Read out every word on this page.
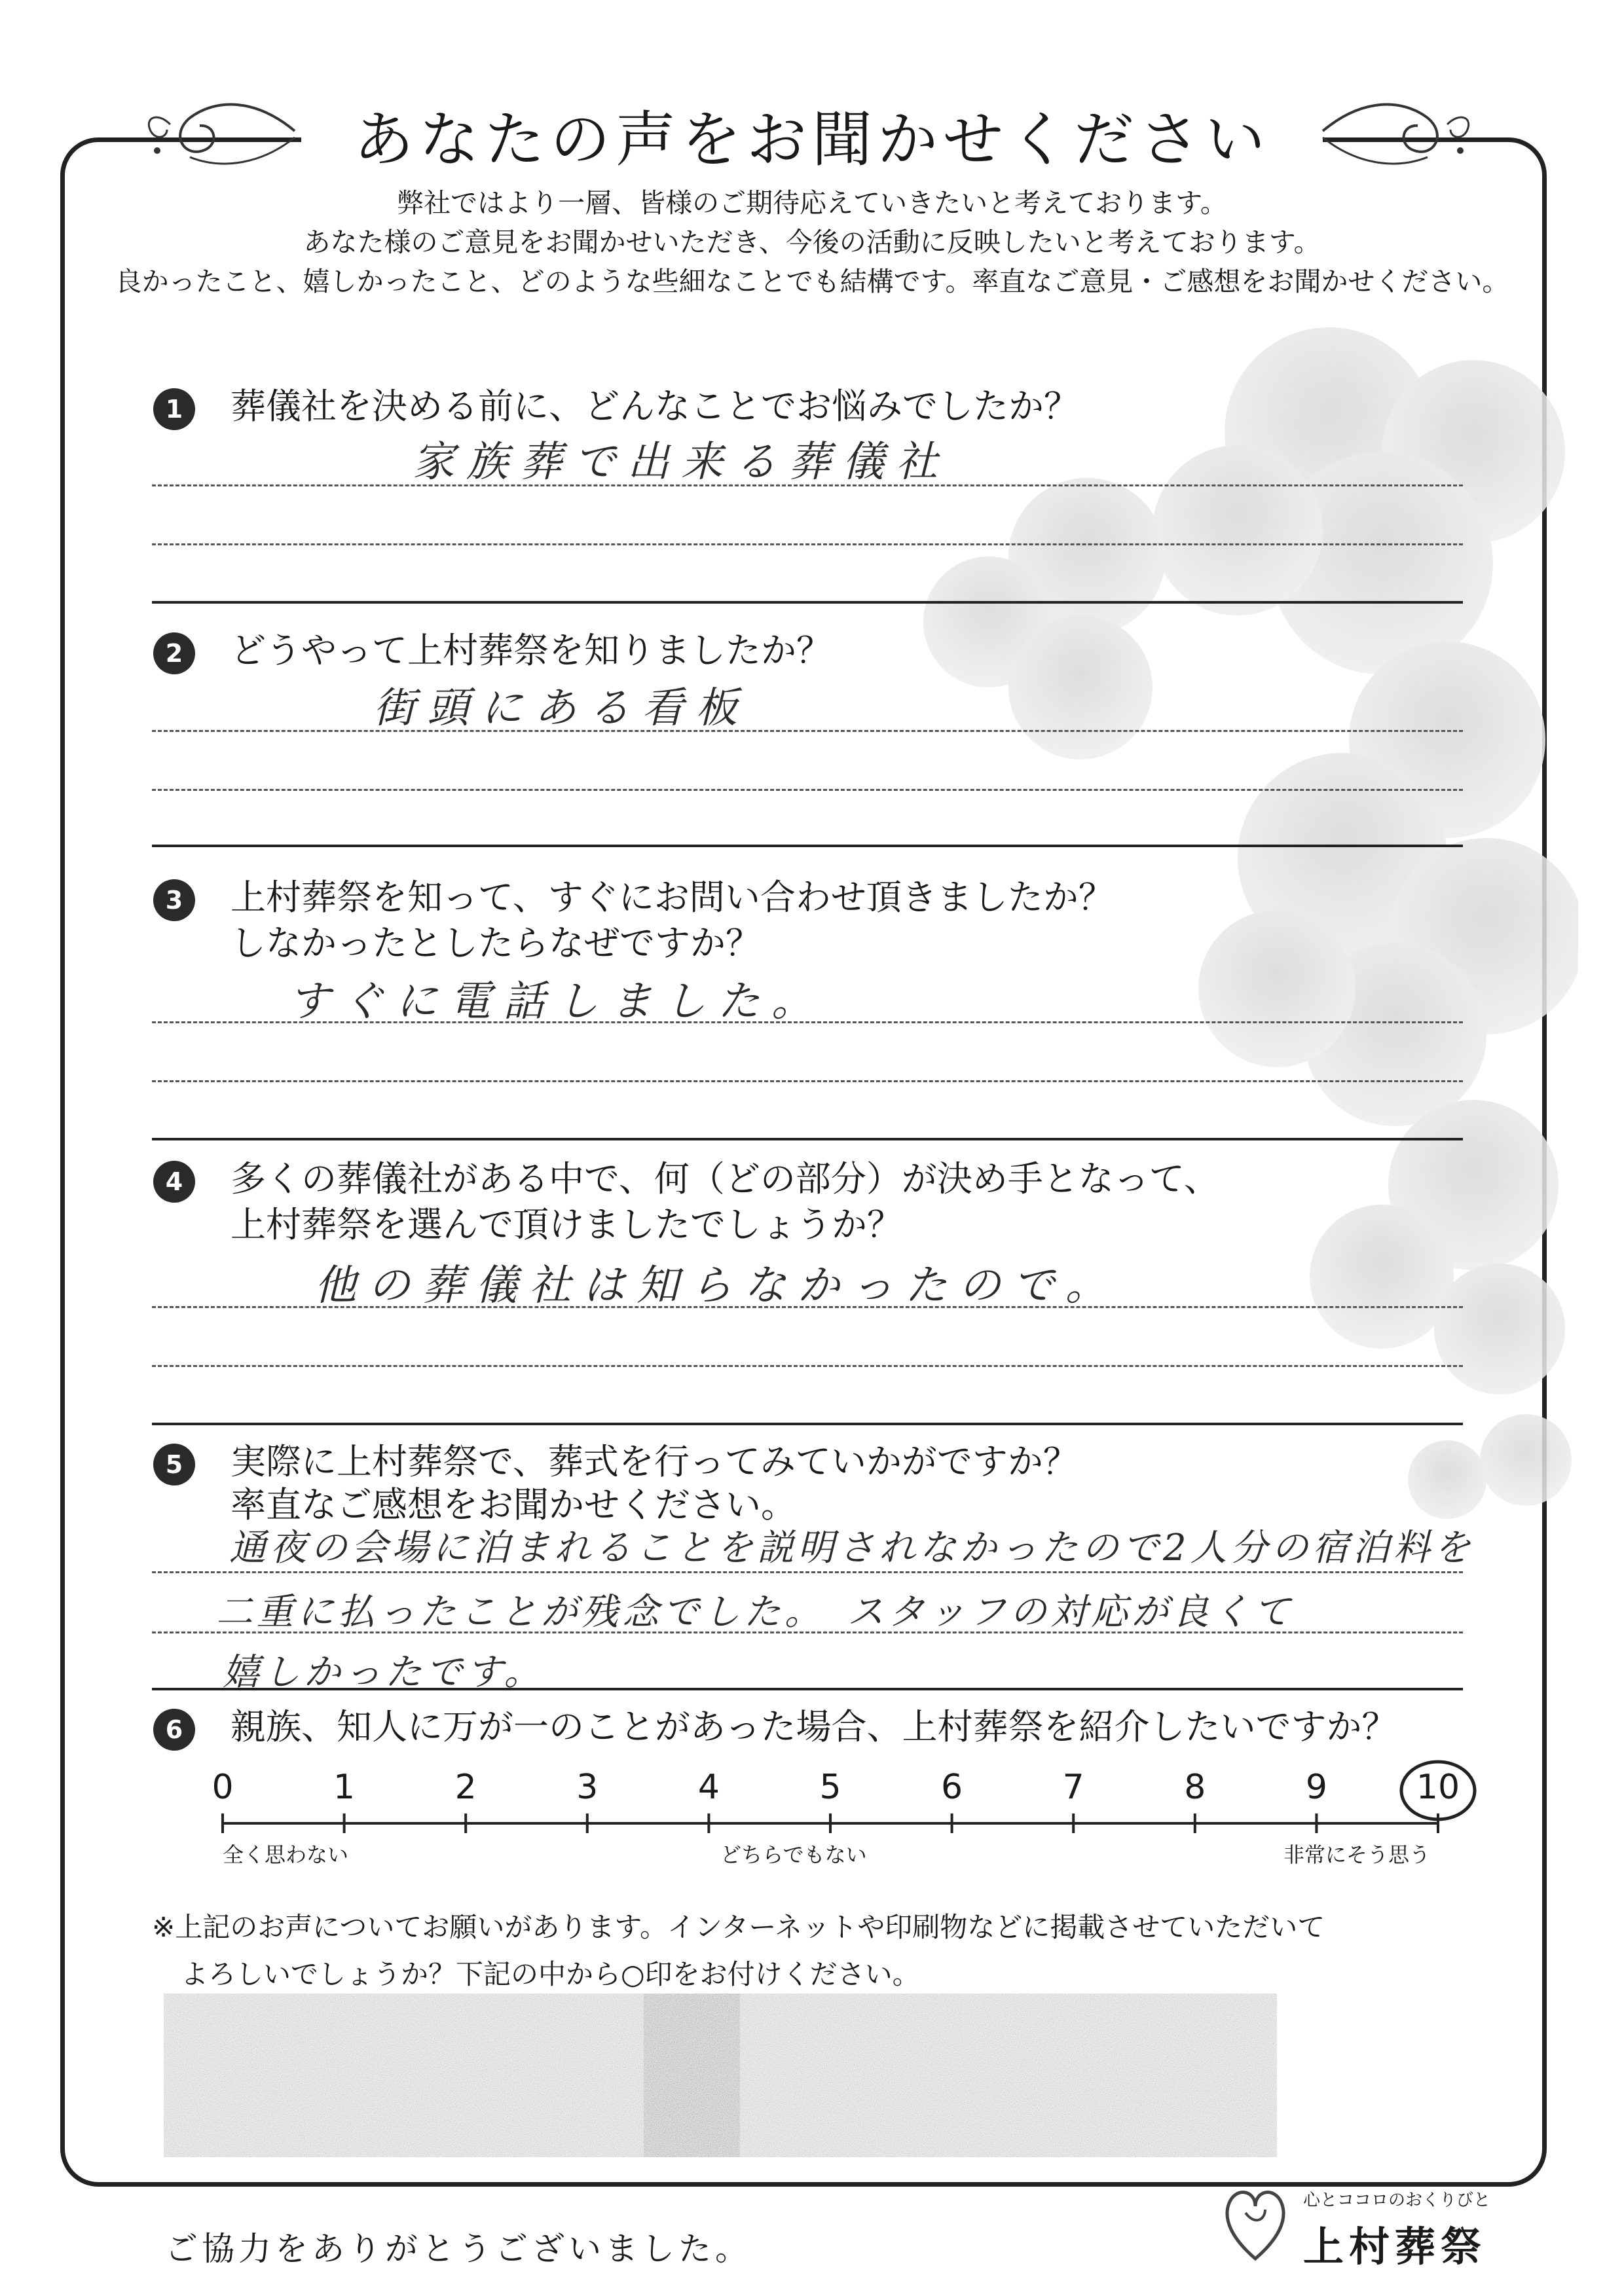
あなたの声をお聞かせください
弊社ではより一層、皆様のご期待応えていきたいと考えております。
あなた様のご意見をお聞かせいただき、今後の活動に反映したいと考えております。
良かったこと、嬉しかったこと、どのような些細なことでも結構です。率直なご意見・ご感想をお聞かせください。
1	葬儀社を決める前に、どんなことでお悩みでしたか？
家族葬で出来る葬儀社
2	どうやって上村葬祭を知りましたか？
街頭にある看板
3	上村葬祭を知って、すぐにお問い合わせ頂きましたか？
しなかったとしたらなぜですか？
すぐに電話しました。
4	多くの葬儀社がある中で、何（どの部分）が決め手となって、
上村葬祭を選んで頂けましたでしょうか？
他の葬儀社は知らなかったので。
5	実際に上村葬祭で、葬式を行ってみていかがですか？
率直なご感想をお聞かせください。
通夜の会場に泊まれることを説明されなかったので2人分の宿泊料を
二重に払ったことが残念でした。　スタッフの対応が良くて
嬉しかったです。
6	親族、知人に万が一のことがあった場合、上村葬祭を紹介したいですか？
0	1	2	3	4	5	6	7	8	9	10
全く思わない	どちらでもない	非常にそう思う
※上記のお声についてお願いがあります。インターネットや印刷物などに掲載させていただいて
よろしいでしょうか？下記の中から○印をお付けください。
ご協力をありがとうございました。
心とココロのおくりびと
上村葬祭
